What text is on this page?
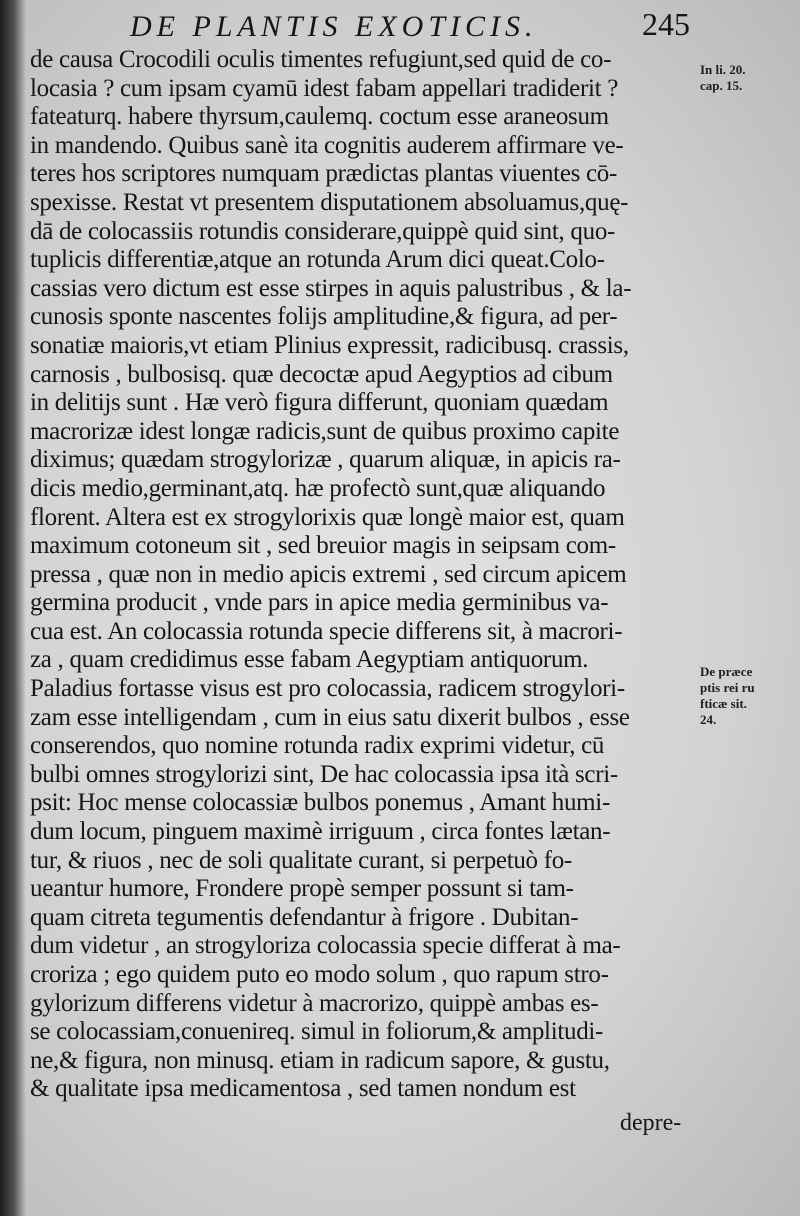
DE PLANTIS EXOTICIS.	245
de causa Crocodili oculis timentes refugiunt,sed quid de co-
locasia ? cum ipsam cyamū idest fabam appellari tradiderit ?
fateaturq. habere thyrsum,caulemq. coctum esse araneosum
in mandendo. Quibus sanè ita cognitis auderem affirmare ve-
teres hos scriptores numquam prædictas plantas viuentes cō-
spexisse. Restat vt presentem disputationem absoluamus,quę-
dā de colocassiis rotundis considerare,quippè quid sint, quo-
tuplicis differentiæ,atque an rotunda Arum dici queat.Colo-
cassias vero dictum est esse stirpes in aquis palustribus , & la-
cunosis sponte nascentes folijs amplitudine,& figura, ad per-
sonatiæ maioris,vt etiam Plinius expressit, radicibusq. crassis,
carnosis , bulbosisq. quæ decoctæ apud Aegyptios ad cibum
in delitijs sunt . Hæ verò figura differunt, quoniam quædam
macrorizæ idest longæ radicis,sunt de quibus proximo capite
diximus; quædam strogylorizæ , quarum aliquæ, in apicis ra-
dicis medio,germinant,atq. hæ profectò sunt,quæ aliquando
florent. Altera est ex strogylorixis quæ longè maior est, quam
maximum cotoneum sit , sed breuior magis in seipsam com-
pressa , quæ non in medio apicis extremi , sed circum apicem
germina producit , vnde pars in apice media germinibus va-
cua est. An colocassia rotunda specie differens sit, à macrori-
za , quam credidimus esse fabam Aegyptiam antiquorum.
Paladius fortasse visus est pro colocassia, radicem strogylori-
zam esse intelligendam , cum in eius satu dixerit bulbos , esse
conserendos, quo nomine rotunda radix exprimi videtur, cū
bulbi omnes strogylorizi sint, De hac colocassia ipsa ità scri-
psit: Hoc mense colocassiæ bulbos ponemus , Amant humi-
dum locum, pinguem maximè irriguum , circa fontes lætan-
tur, & riuos , nec de soli qualitate curant, si perpetuò fo-
ueantur humore, Frondere propè semper possunt si tam-
quam citreta tegumentis defendantur à frigore . Dubitan-
dum videtur , an strogyloriza colocassia specie differat à ma-
crorizа ; ego quidem puto eo modo solum , quo rapum stro-
gylorizum differens videtur à macrorizo, quippè ambas es-
se colocassiam,conuenireq. simul in foliorum,& amplitudi-
ne,& figura, non minusq. etiam in radicum sapore, & gustu,
& qualitate ipsa medicamentosa , sed tamen nondum est
depre-
In li. 20.
cap. 15.
De præce
ptis rei ru
fticæ sit.
24.
